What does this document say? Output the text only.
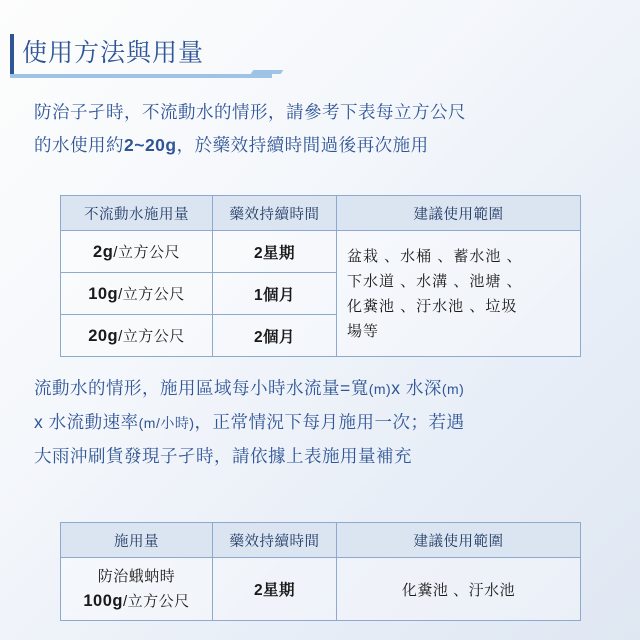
使用方法與用量
防治子孑時，不流動水的情形，請參考下表每立方公尺
的水使用約2~20g，於藥效持續時間過後再次施用
不流動水施用量	藥效持續時間	建議使用範圍
2g/立方公尺	2星期	盆栽 、水桶 、蓄水池 、
下水道 、水溝 、池塘 、
化糞池 、汙水池 、垃圾
場等

10g/立方公尺	1個月	
20g/立方公尺	2個月	
流動水的情形，施用區域每小時水流量=寬(m)x 水深(m)
x 水流動速率(m/小時)，正常情況下每月施用一次；若遇
大雨沖刷貨發現子孑時，請依據上表施用量補充
施用量	藥效持續時間	建議使用範圍

防治蛾蚋時
100g/立方公尺	2星期	化糞池 、汙水池
